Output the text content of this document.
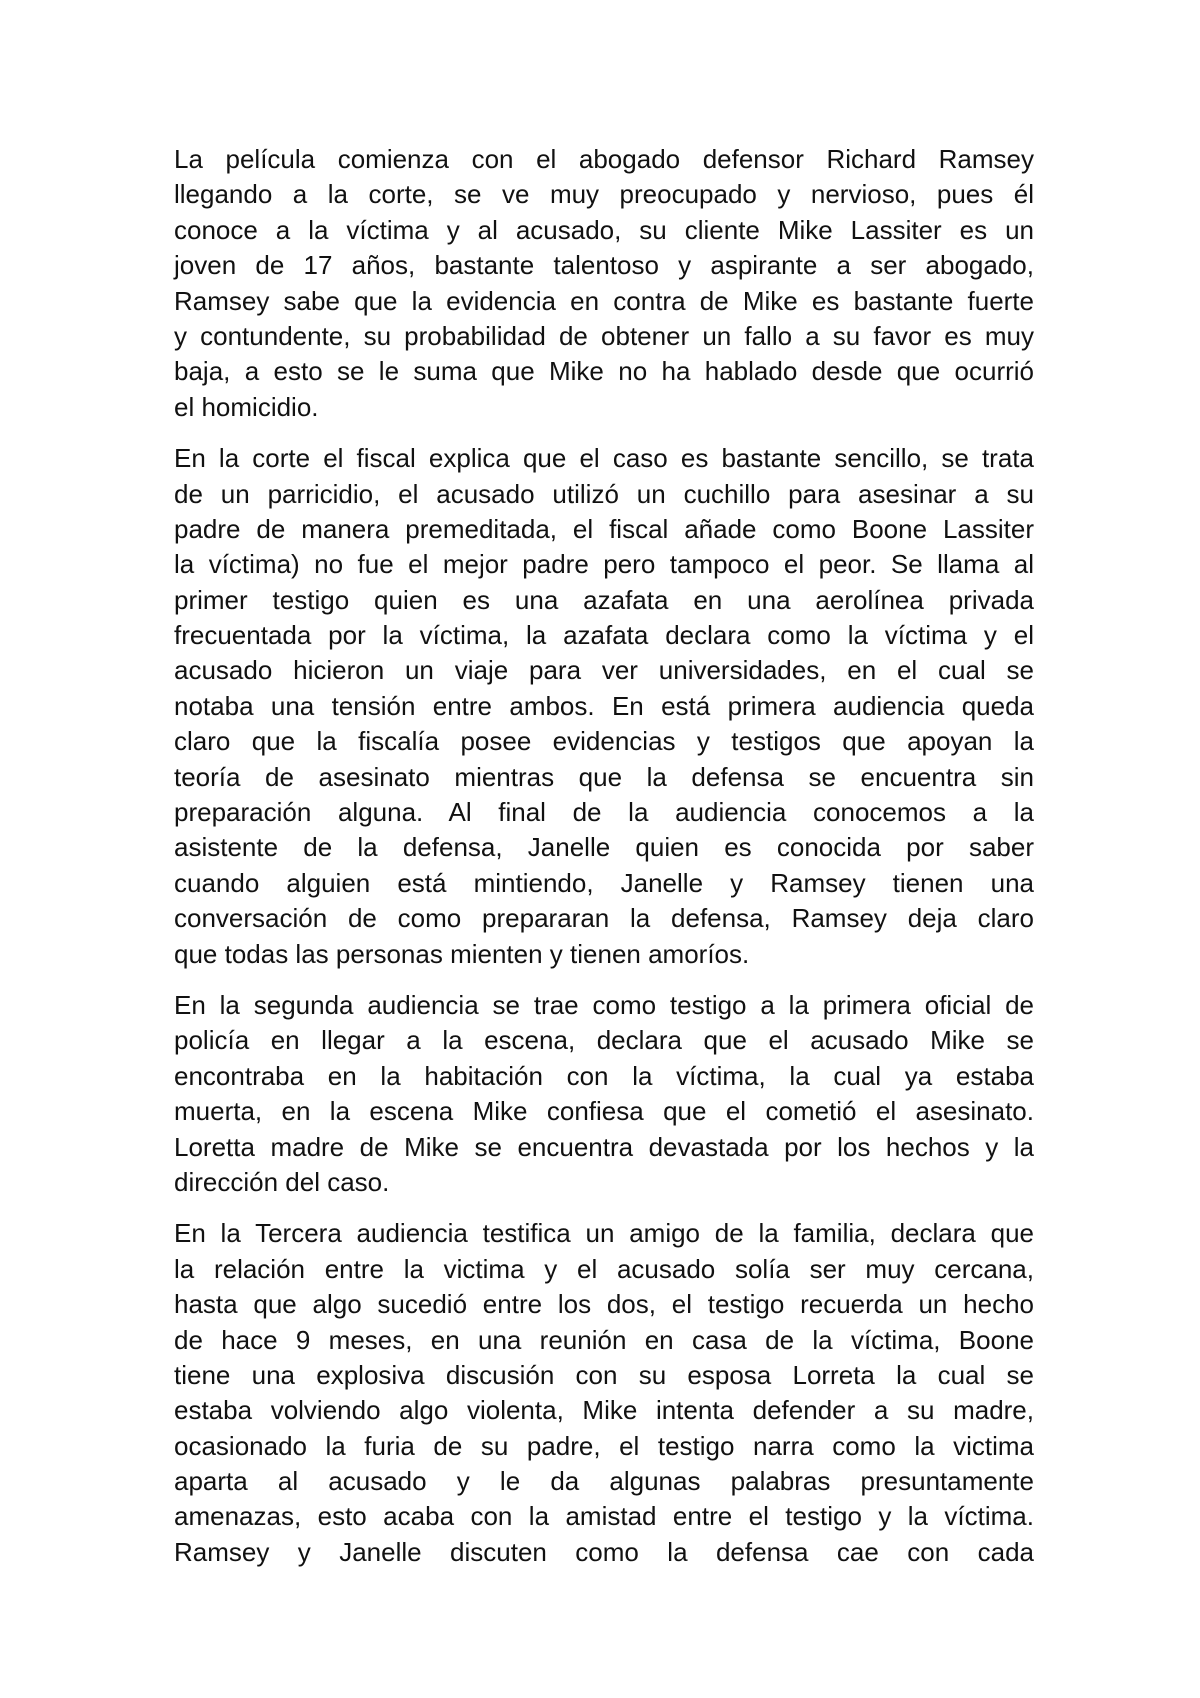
La película comienza con el abogado defensor Richard Ramsey
llegando a la corte, se ve muy preocupado y nervioso, pues él
conoce a la víctima y al acusado, su cliente Mike Lassiter es un
joven de 17 años, bastante talentoso y aspirante a ser abogado,
Ramsey sabe que la evidencia en contra de Mike es bastante fuerte
y contundente, su probabilidad de obtener un fallo a su favor es muy
baja, a esto se le suma que Mike no ha hablado desde que ocurrió
el homicidio.
En la corte el fiscal explica que el caso es bastante sencillo, se trata
de un parricidio, el acusado utilizó un cuchillo para asesinar a su
padre de manera premeditada, el fiscal añade como Boone Lassiter
la víctima) no fue el mejor padre pero tampoco el peor. Se llama al
primer testigo quien es una azafata en una aerolínea privada
frecuentada por la víctima, la azafata declara como la víctima y el
acusado hicieron un viaje para ver universidades, en el cual se
notaba una tensión entre ambos. En está primera audiencia queda
claro que la fiscalía posee evidencias y testigos que apoyan la
teoría de asesinato mientras que la defensa se encuentra sin
preparación alguna. Al final de la audiencia conocemos a la
asistente de la defensa, Janelle quien es conocida por saber
cuando alguien está mintiendo, Janelle y Ramsey tienen una
conversación de como prepararan la defensa, Ramsey deja claro
que todas las personas mienten y tienen amoríos.
En la segunda audiencia se trae como testigo a la primera oficial de
policía en llegar a la escena, declara que el acusado Mike se
encontraba en la habitación con la víctima, la cual ya estaba
muerta, en la escena Mike confiesa que el cometió el asesinato.
Loretta madre de Mike se encuentra devastada por los hechos y la
dirección del caso.
En la Tercera audiencia testifica un amigo de la familia, declara que
la relación entre la victima y el acusado solía ser muy cercana,
hasta que algo sucedió entre los dos, el testigo recuerda un hecho
de hace 9 meses, en una reunión en casa de la víctima, Boone
tiene una explosiva discusión con su esposa Lorreta la cual se
estaba volviendo algo violenta, Mike intenta defender a su madre,
ocasionado la furia de su padre, el testigo narra como la victima
aparta al acusado y le da algunas palabras presuntamente
amenazas, esto acaba con la amistad entre el testigo y la víctima.
Ramsey y Janelle discuten como la defensa cae con cada
